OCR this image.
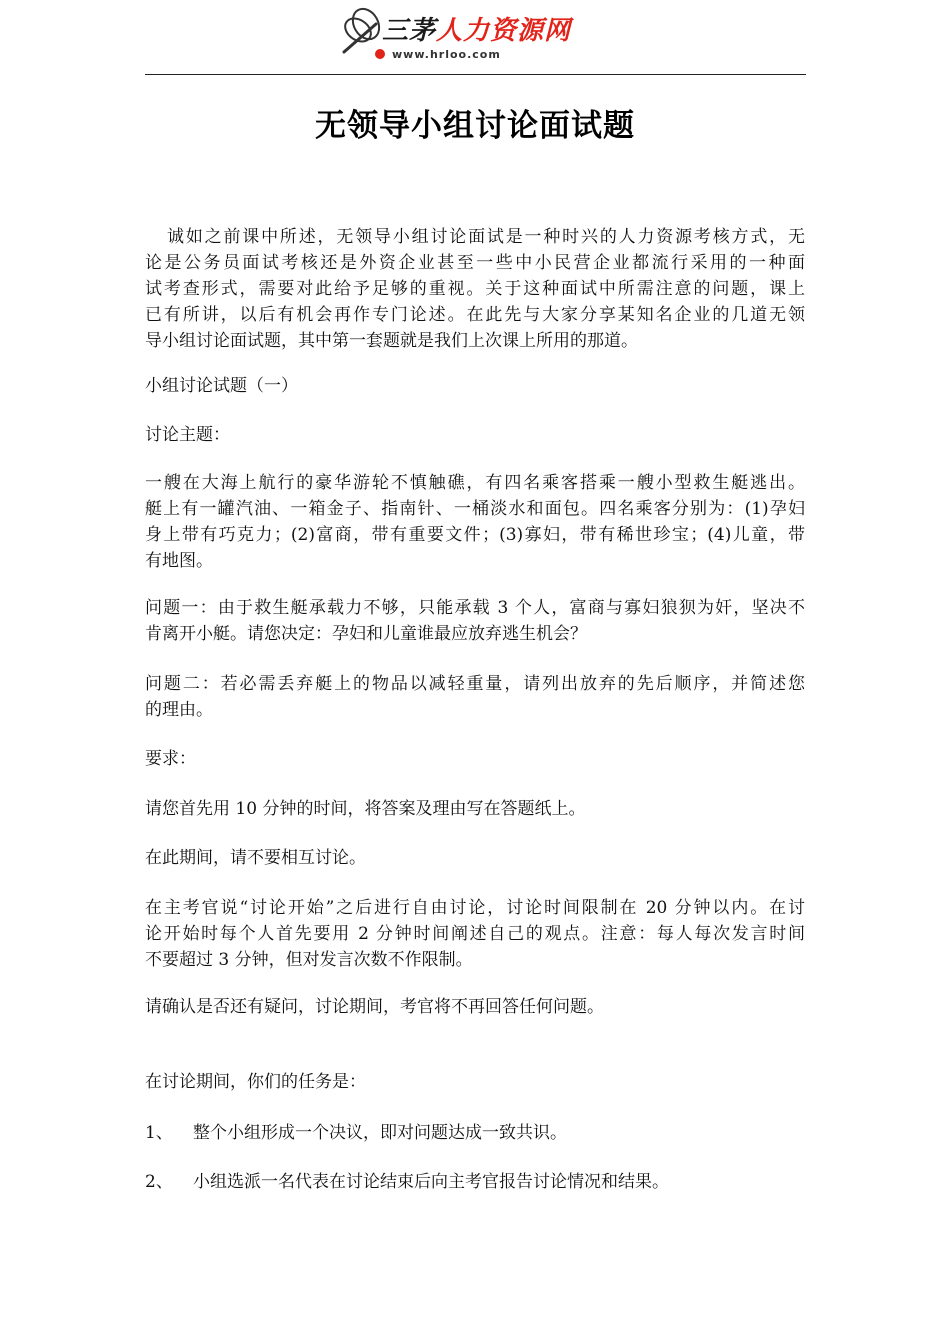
三茅人力资源网
www.hrloo.com
无领导小组讨论面试题
诚如之前课中所述，无领导小组讨论面试是一种时兴的人力资源考核方式，无
论是公务员面试考核还是外资企业甚至一些中小民营企业都流行采用的一种面
试考查形式，需要对此给予足够的重视。关于这种面试中所需注意的问题，课上
已有所讲，以后有机会再作专门论述。在此先与大家分享某知名企业的几道无领
导小组讨论面试题，其中第一套题就是我们上次课上所用的那道。
小组讨论试题（一）
讨论主题：
一艘在大海上航行的豪华游轮不慎触礁，有四名乘客搭乘一艘小型救生艇逃出。
艇上有一罐汽油、一箱金子、指南针、一桶淡水和面包。四名乘客分别为：(1)孕妇
身上带有巧克力；(2)富商，带有重要文件；(3)寡妇，带有稀世珍宝；(4)儿童，带
有地图。
问题一：由于救生艇承载力不够，只能承载 3 个人，富商与寡妇狼狈为奸，坚决不
肯离开小艇。请您决定：孕妇和儿童谁最应放弃逃生机会？
问题二：若必需丢弃艇上的物品以减轻重量，请列出放弃的先后顺序，并简述您
的理由。
要求：
请您首先用 10 分钟的时间，将答案及理由写在答题纸上。
在此期间，请不要相互讨论。
在主考官说“讨论开始”之后进行自由讨论，讨论时间限制在 20 分钟以内。在讨
论开始时每个人首先要用 2 分钟时间阐述自己的观点。注意：每人每次发言时间
不要超过 3 分钟，但对发言次数不作限制。
请确认是否还有疑问，讨论期间，考官将不再回答任何问题。
在讨论期间，你们的任务是：
1、 整个小组形成一个决议，即对问题达成一致共识。
2、 小组选派一名代表在讨论结束后向主考官报告讨论情况和结果。
